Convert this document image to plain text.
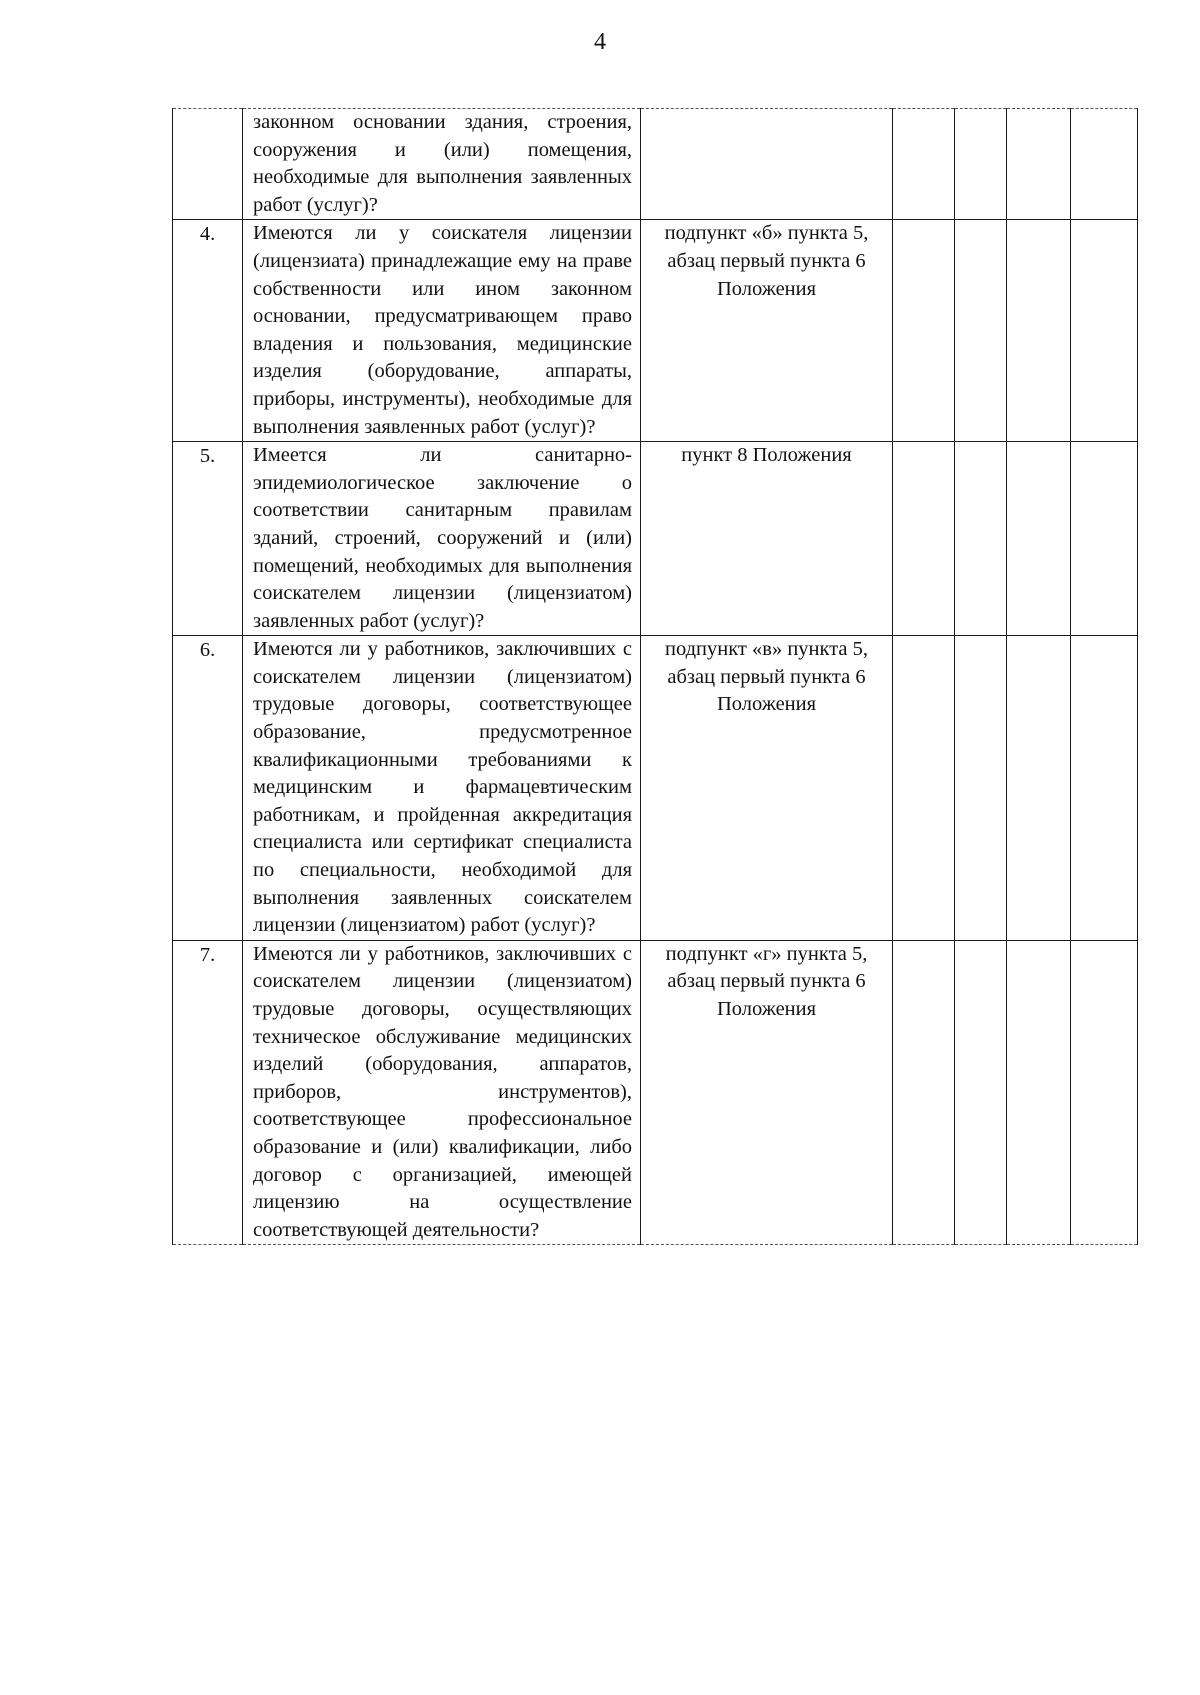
4

	законном основании здания, строения, сооружения и (или) помещения, необходимые для выполнения заявленных работ (услуг)?					

4.	Имеются ли у соискателя лицензии (лицензиата) принадлежащие ему на праве собственности или ином законном основании, предусматривающем право владения и пользования, медицинские изделия (оборудование, аппараты, приборы, инструменты), необходимые для выполнения заявленных работ (услуг)?	подпункт «б» пункта 5, абзац первый пункта 6 Положения				

5.	Имеется ли санитарно-эпидемиологическое заключение о соответствии санитарным правилам зданий, строений, сооружений и (или) помещений, необходимых для выполнения соискателем лицензии (лицензиатом) заявленных работ (услуг)?	пункт 8 Положения				

6.	Имеются ли у работников, заключивших с соискателем лицензии (лицензиатом) трудовые договоры, соответствующее образование, предусмотренное квалификационными требованиями к медицинским и фармацевтическим работникам, и пройденная аккредитация специалиста или сертификат специалиста по специальности, необходимой для выполнения заявленных соискателем лицензии (лицензиатом) работ (услуг)?	подпункт «в» пункта 5, абзац первый пункта 6 Положения				

7.	Имеются ли у работников, заключивших с соискателем лицензии (лицензиатом) трудовые договоры, осуществляющих техническое обслуживание медицинских изделий (оборудования, аппаратов, приборов, инструментов), соответствующее профессиональное образование и (или) квалификации, либо договор с организацией, имеющей лицензию на осуществление соответствующей деятельности?	подпункт «г» пункта 5, абзац первый пункта 6 Положения				
